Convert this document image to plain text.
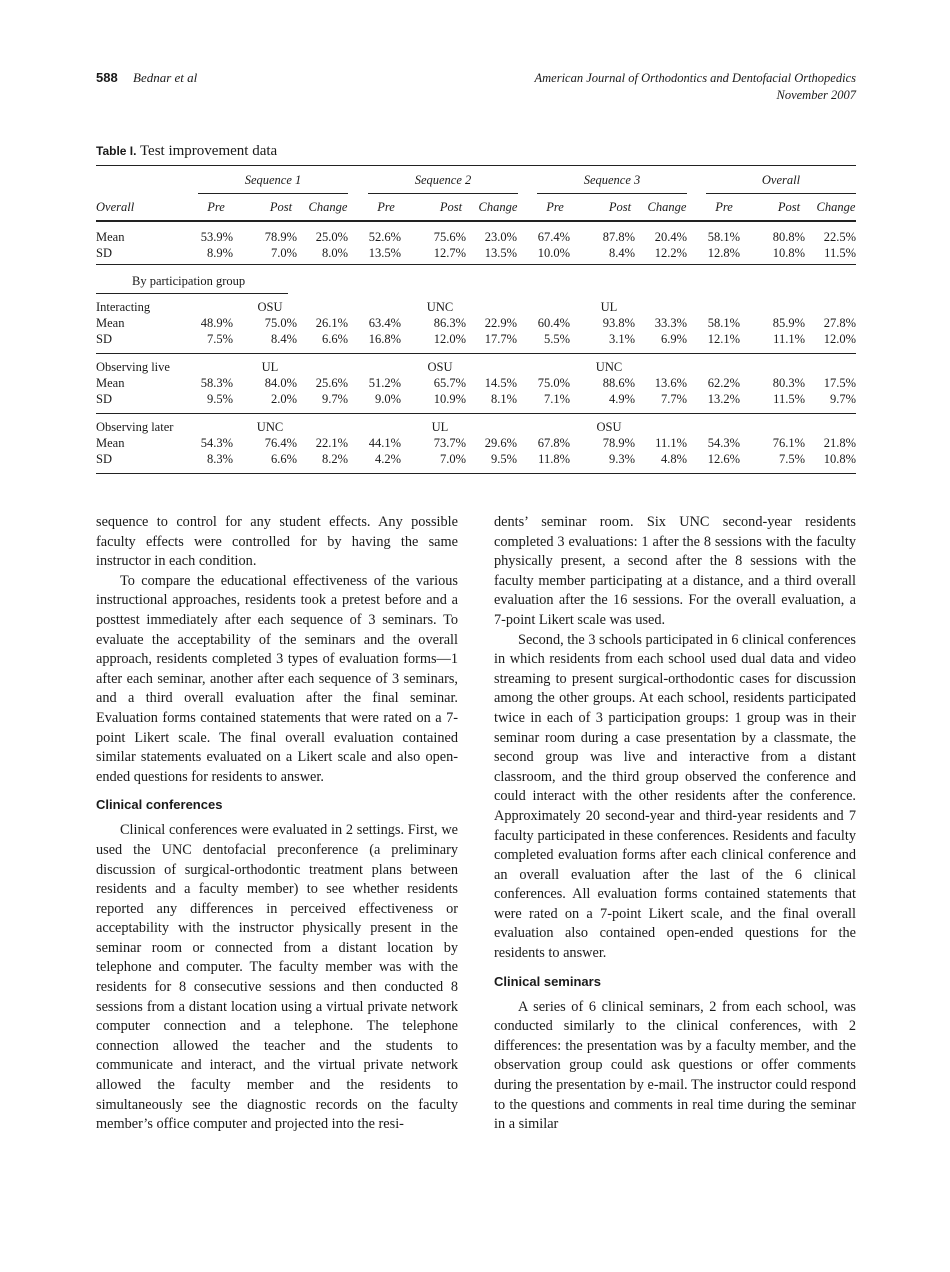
588 Bednar et al	American Journal of Orthodontics and Dentofacial Orthopedics
November 2007
Table I. Test improvement data
Sequence 1	Sequence 2	Sequence 3	Overall
Overall	Pre	Post	Change	Pre	Post	Change	Pre	Post	Change	Pre	Post	Change
Mean	53.9%	78.9%	25.0%	52.6%	75.6%	23.0%	67.4%	87.8%	20.4%	58.1%	80.8%	22.5%
SD	8.9%	7.0%	8.0%	13.5%	12.7%	13.5%	10.0%	8.4%	12.2%	12.8%	10.8%	11.5%
By participation group
Interacting	OSU	UNC	UL
Mean	48.9%	75.0%	26.1%	63.4%	86.3%	22.9%	60.4%	93.8%	33.3%	58.1%	85.9%	27.8%
SD	7.5%	8.4%	6.6%	16.8%	12.0%	17.7%	5.5%	3.1%	6.9%	12.1%	11.1%	12.0%
Observing live	UL	OSU	UNC
Mean	58.3%	84.0%	25.6%	51.2%	65.7%	14.5%	75.0%	88.6%	13.6%	62.2%	80.3%	17.5%
SD	9.5%	2.0%	9.7%	9.0%	10.9%	8.1%	7.1%	4.9%	7.7%	13.2%	11.5%	9.7%
Observing later	UNC	UL	OSU
Mean	54.3%	76.4%	22.1%	44.1%	73.7%	29.6%	67.8%	78.9%	11.1%	54.3%	76.1%	21.8%
SD	8.3%	6.6%	8.2%	4.2%	7.0%	9.5%	11.8%	9.3%	4.8%	12.6%	7.5%	10.8%

sequence to control for any student effects. Any possible faculty effects were controlled for by having the same instructor in each condition.

To compare the educational effectiveness of the various instructional approaches, residents took a pretest before and a posttest immediately after each sequence of 3 seminars. To evaluate the acceptability of the seminars and the overall approach, residents completed 3 types of evaluation forms—1 after each seminar, another after each sequence of 3 seminars, and a third overall evaluation after the final seminar. Evaluation forms contained statements that were rated on a 7-point Likert scale. The final overall evaluation contained similar statements evaluated on a Likert scale and also open-ended questions for residents to answer.

Clinical conferences

Clinical conferences were evaluated in 2 settings. First, we used the UNC dentofacial preconference (a preliminary discussion of surgical-orthodontic treatment plans between residents and a faculty member) to see whether residents reported any differences in perceived effectiveness or acceptability with the instructor physically present in the seminar room or connected from a distant location by telephone and computer. The faculty member was with the residents for 8 consecutive sessions and then conducted 8 sessions from a distant location using a virtual private network computer connection and a telephone. The telephone connection allowed the teacher and the students to communicate and interact, and the virtual private network allowed the faculty member and the residents to simultaneously see the diagnostic records on the faculty member’s office computer and projected into the resi-

dents’ seminar room. Six UNC second-year residents completed 3 evaluations: 1 after the 8 sessions with the faculty physically present, a second after the 8 sessions with the faculty member participating at a distance, and a third overall evaluation after the 16 sessions. For the overall evaluation, a 7-point Likert scale was used.

Second, the 3 schools participated in 6 clinical conferences in which residents from each school used dual data and video streaming to present surgical-orthodontic cases for discussion among the other groups. At each school, residents participated twice in each of 3 participation groups: 1 group was in their seminar room during a case presentation by a classmate, the second group was live and interactive from a distant classroom, and the third group observed the conference and could interact with the other residents after the conference. Approximately 20 second-year and third-year residents and 7 faculty participated in these conferences. Residents and faculty completed evaluation forms after each clinical conference and an overall evaluation after the last of the 6 clinical conferences. All evaluation forms contained statements that were rated on a 7-point Likert scale, and the final overall evaluation also contained open-ended questions for the residents to answer.

Clinical seminars

A series of 6 clinical seminars, 2 from each school, was conducted similarly to the clinical conferences, with 2 differences: the presentation was by a faculty member, and the observation group could ask questions or offer comments during the presentation by e-mail. The instructor could respond to the questions and comments in real time during the seminar in a similar
